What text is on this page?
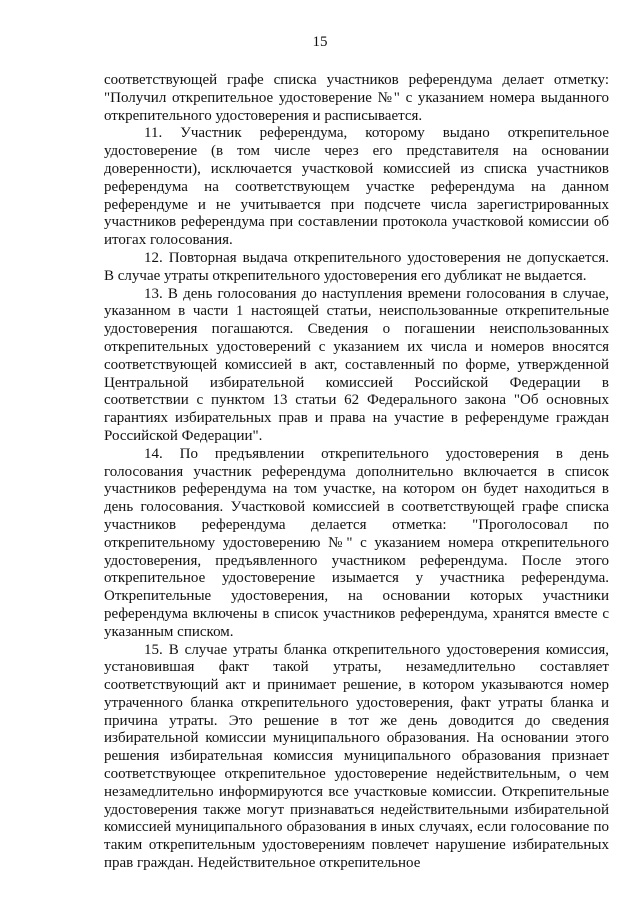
15

соответствующей графе списка участников референдума делает отметку: "Получил открепительное удостоверение №" с указанием номера выданного открепительного удостоверения и расписывается.

11. Участник референдума, которому выдано открепительное удостоверение (в том числе через его представителя на основании доверенности), исключается участковой комиссией из списка участников референдума на соответствующем участке референдума на данном референдуме и не учитывается при подсчете числа зарегистрированных участников референдума при составлении протокола участковой комиссии об итогах голосования.

12. Повторная выдача открепительного удостоверения не допускается. В случае утраты открепительного удостоверения его дубликат не выдается.

13. В день голосования до наступления времени голосования в случае, указанном в части 1 настоящей статьи, неиспользованные открепительные удостоверения погашаются. Сведения о погашении неиспользованных открепительных удостоверений с указанием их числа и номеров вносятся соответствующей комиссией в акт, составленный по форме, утвержденной Центральной избирательной комиссией Российской Федерации в соответствии с пунктом 13 статьи 62 Федерального закона "Об основных гарантиях избирательных прав и права на участие в референдуме граждан Российской Федерации".

14. По предъявлении открепительного удостоверения в день голосования участник референдума дополнительно включается в список участников референдума на том участке, на котором он будет находиться в день голосования. Участковой комиссией в соответствующей графе списка участников референдума делается отметка: "Проголосовал по открепительному удостоверению №" с указанием номера открепительного удостоверения, предъявленного участником референдума. После этого открепительное удостоверение изымается у участника референдума. Открепительные удостоверения, на основании которых участники референдума включены в список участников референдума, хранятся вместе с указанным списком.

15. В случае утраты бланка открепительного удостоверения комиссия, установившая факт такой утраты, незамедлительно составляет соответствующий акт и принимает решение, в котором указываются номер утраченного бланка открепительного удостоверения, факт утраты бланка и причина утраты. Это решение в тот же день доводится до сведения избирательной комиссии муниципального образования. На основании этого решения избирательная комиссия муниципального образования признает соответствующее открепительное удостоверение недействительным, о чем незамедлительно информируются все участковые комиссии. Открепительные удостоверения также могут признаваться недействительными избирательной комиссией муниципального образования в иных случаях, если голосование по таким открепительным удостоверениям повлечет нарушение избирательных прав граждан. Недействительное открепительное
